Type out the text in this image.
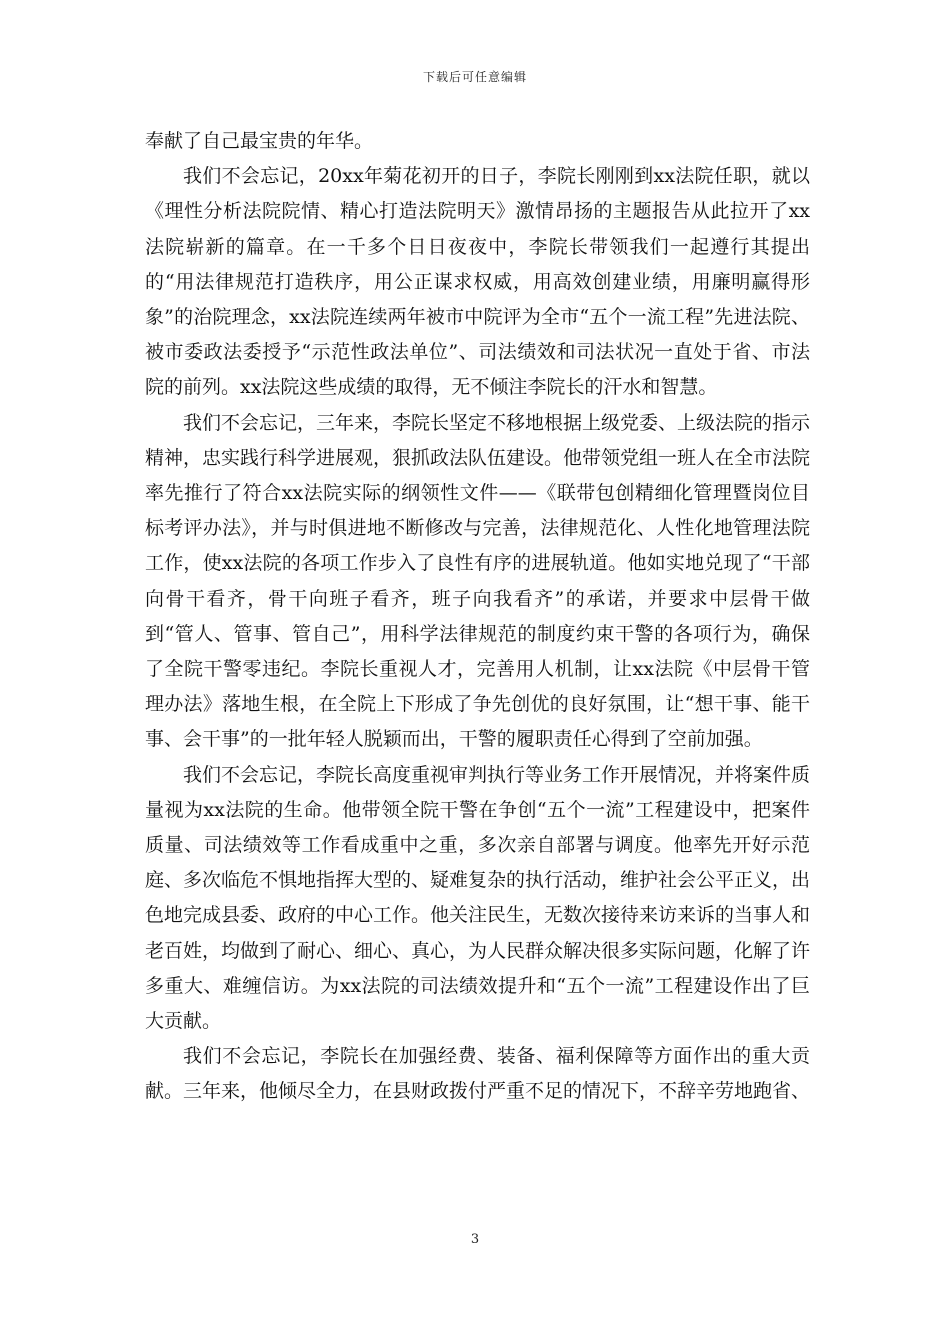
下载后可任意编辑

奉献了自己最宝贵的年华。

我们不会忘记，20xx年菊花初开的日子，李院长刚刚到xx法院任职，就以《理性分析法院院情、精心打造法院明天》激情昂扬的主题报告从此拉开了xx法院崭新的篇章。在一千多个日日夜夜中，李院长带领我们一起遵行其提出的“用法律规范打造秩序，用公正谋求权威，用高效创建业绩，用廉明赢得形象”的治院理念，xx法院连续两年被市中院评为全市“五个一流工程”先进法院、被市委政法委授予“示范性政法单位”、司法绩效和司法状况一直处于省、市法院的前列。xx法院这些成绩的取得，无不倾注李院长的汗水和智慧。

我们不会忘记，三年来，李院长坚定不移地根据上级党委、上级法院的指示精神，忠实践行科学进展观，狠抓政法队伍建设。他带领党组一班人在全市法院率先推行了符合xx法院实际的纲领性文件——《联带包创精细化管理暨岗位目标考评办法》，并与时俱进地不断修改与完善，法律规范化、人性化地管理法院工作，使xx法院的各项工作步入了良性有序的进展轨道。他如实地兑现了“干部向骨干看齐，骨干向班子看齐，班子向我看齐”的承诺，并要求中层骨干做到“管人、管事、管自己”，用科学法律规范的制度约束干警的各项行为，确保了全院干警零违纪。李院长重视人才，完善用人机制，让xx法院《中层骨干管理办法》落地生根，在全院上下形成了争先创优的良好氛围，让“想干事、能干事、会干事”的一批年轻人脱颖而出，干警的履职责任心得到了空前加强。

我们不会忘记，李院长高度重视审判执行等业务工作开展情况，并将案件质量视为xx法院的生命。他带领全院干警在争创“五个一流”工程建设中，把案件质量、司法绩效等工作看成重中之重，多次亲自部署与调度。他率先开好示范庭、多次临危不惧地指挥大型的、疑难复杂的执行活动，维护社会公平正义，出色地完成县委、政府的中心工作。他关注民生，无数次接待来访来诉的当事人和老百姓，均做到了耐心、细心、真心，为人民群众解决很多实际问题，化解了许多重大、难缠信访。为xx法院的司法绩效提升和“五个一流”工程建设作出了巨大贡献。

我们不会忘记，李院长在加强经费、装备、福利保障等方面作出的重大贡献。三年来，他倾尽全力，在县财政拨付严重不足的情况下，不辞辛劳地跑省、

3
